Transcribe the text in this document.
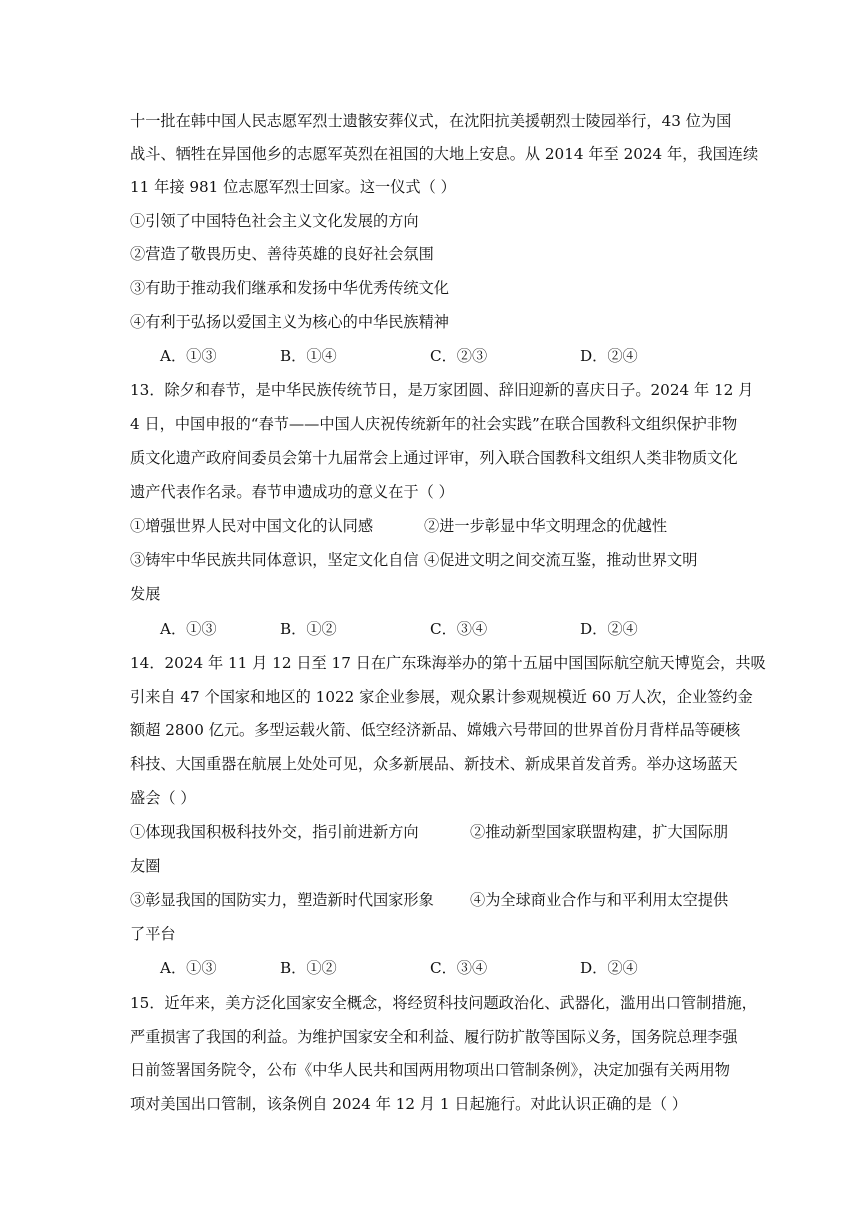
十一批在韩中国人民志愿军烈士遗骸安葬仪式，在沈阳抗美援朝烈士陵园举行，43 位为国
战斗、牺牲在异国他乡的志愿军英烈在祖国的大地上安息。从 2014 年至 2024 年，我国连续
11 年接 981 位志愿军烈士回家。这一仪式（ ）
①引领了中国特色社会主义文化发展的方向
②营造了敬畏历史、善待英雄的良好社会氛围
③有助于推动我们继承和发扬中华优秀传统文化
④有利于弘扬以爱国主义为核心的中华民族精神
A．①③	B．①④	C．②③	D．②④
13．除夕和春节，是中华民族传统节日，是万家团圆、辞旧迎新的喜庆日子。2024 年 12 月
4 日，中国申报的“春节——中国人庆祝传统新年的社会实践”在联合国教科文组织保护非物
质文化遗产政府间委员会第十九届常会上通过评审，列入联合国教科文组织人类非物质文化
遗产代表作名录。春节申遗成功的意义在于（ ）
①增强世界人民对中国文化的认同感	②进一步彰显中华文明理念的优越性
③铸牢中华民族共同体意识，坚定文化自信 ④促进文明之间交流互鉴，推动世界文明
发展
A．①③	B．①②	C．③④	D．②④
14．2024 年 11 月 12 日至 17 日在广东珠海举办的第十五届中国国际航空航天博览会，共吸
引来自 47 个国家和地区的 1022 家企业参展，观众累计参观规模近 60 万人次，企业签约金
额超 2800 亿元。多型运载火箭、低空经济新品、嫦娥六号带回的世界首份月背样品等硬核
科技、大国重器在航展上处处可见，众多新展品、新技术、新成果首发首秀。举办这场蓝天
盛会（ ）
①体现我国积极科技外交，指引前进新方向	②推动新型国家联盟构建，扩大国际朋
友圈
③彰显我国的国防实力，塑造新时代国家形象 ④为全球商业合作与和平利用太空提供
了平台
A．①③	B．①②	C．③④	D．②④
15．近年来，美方泛化国家安全概念，将经贸科技问题政治化、武器化，滥用出口管制措施，
严重损害了我国的利益。为维护国家安全和利益、履行防扩散等国际义务，国务院总理李强
日前签署国务院令，公布《中华人民共和国两用物项出口管制条例》，决定加强有关两用物
项对美国出口管制，该条例自 2024 年 12 月 1 日起施行。对此认识正确的是（ ）
